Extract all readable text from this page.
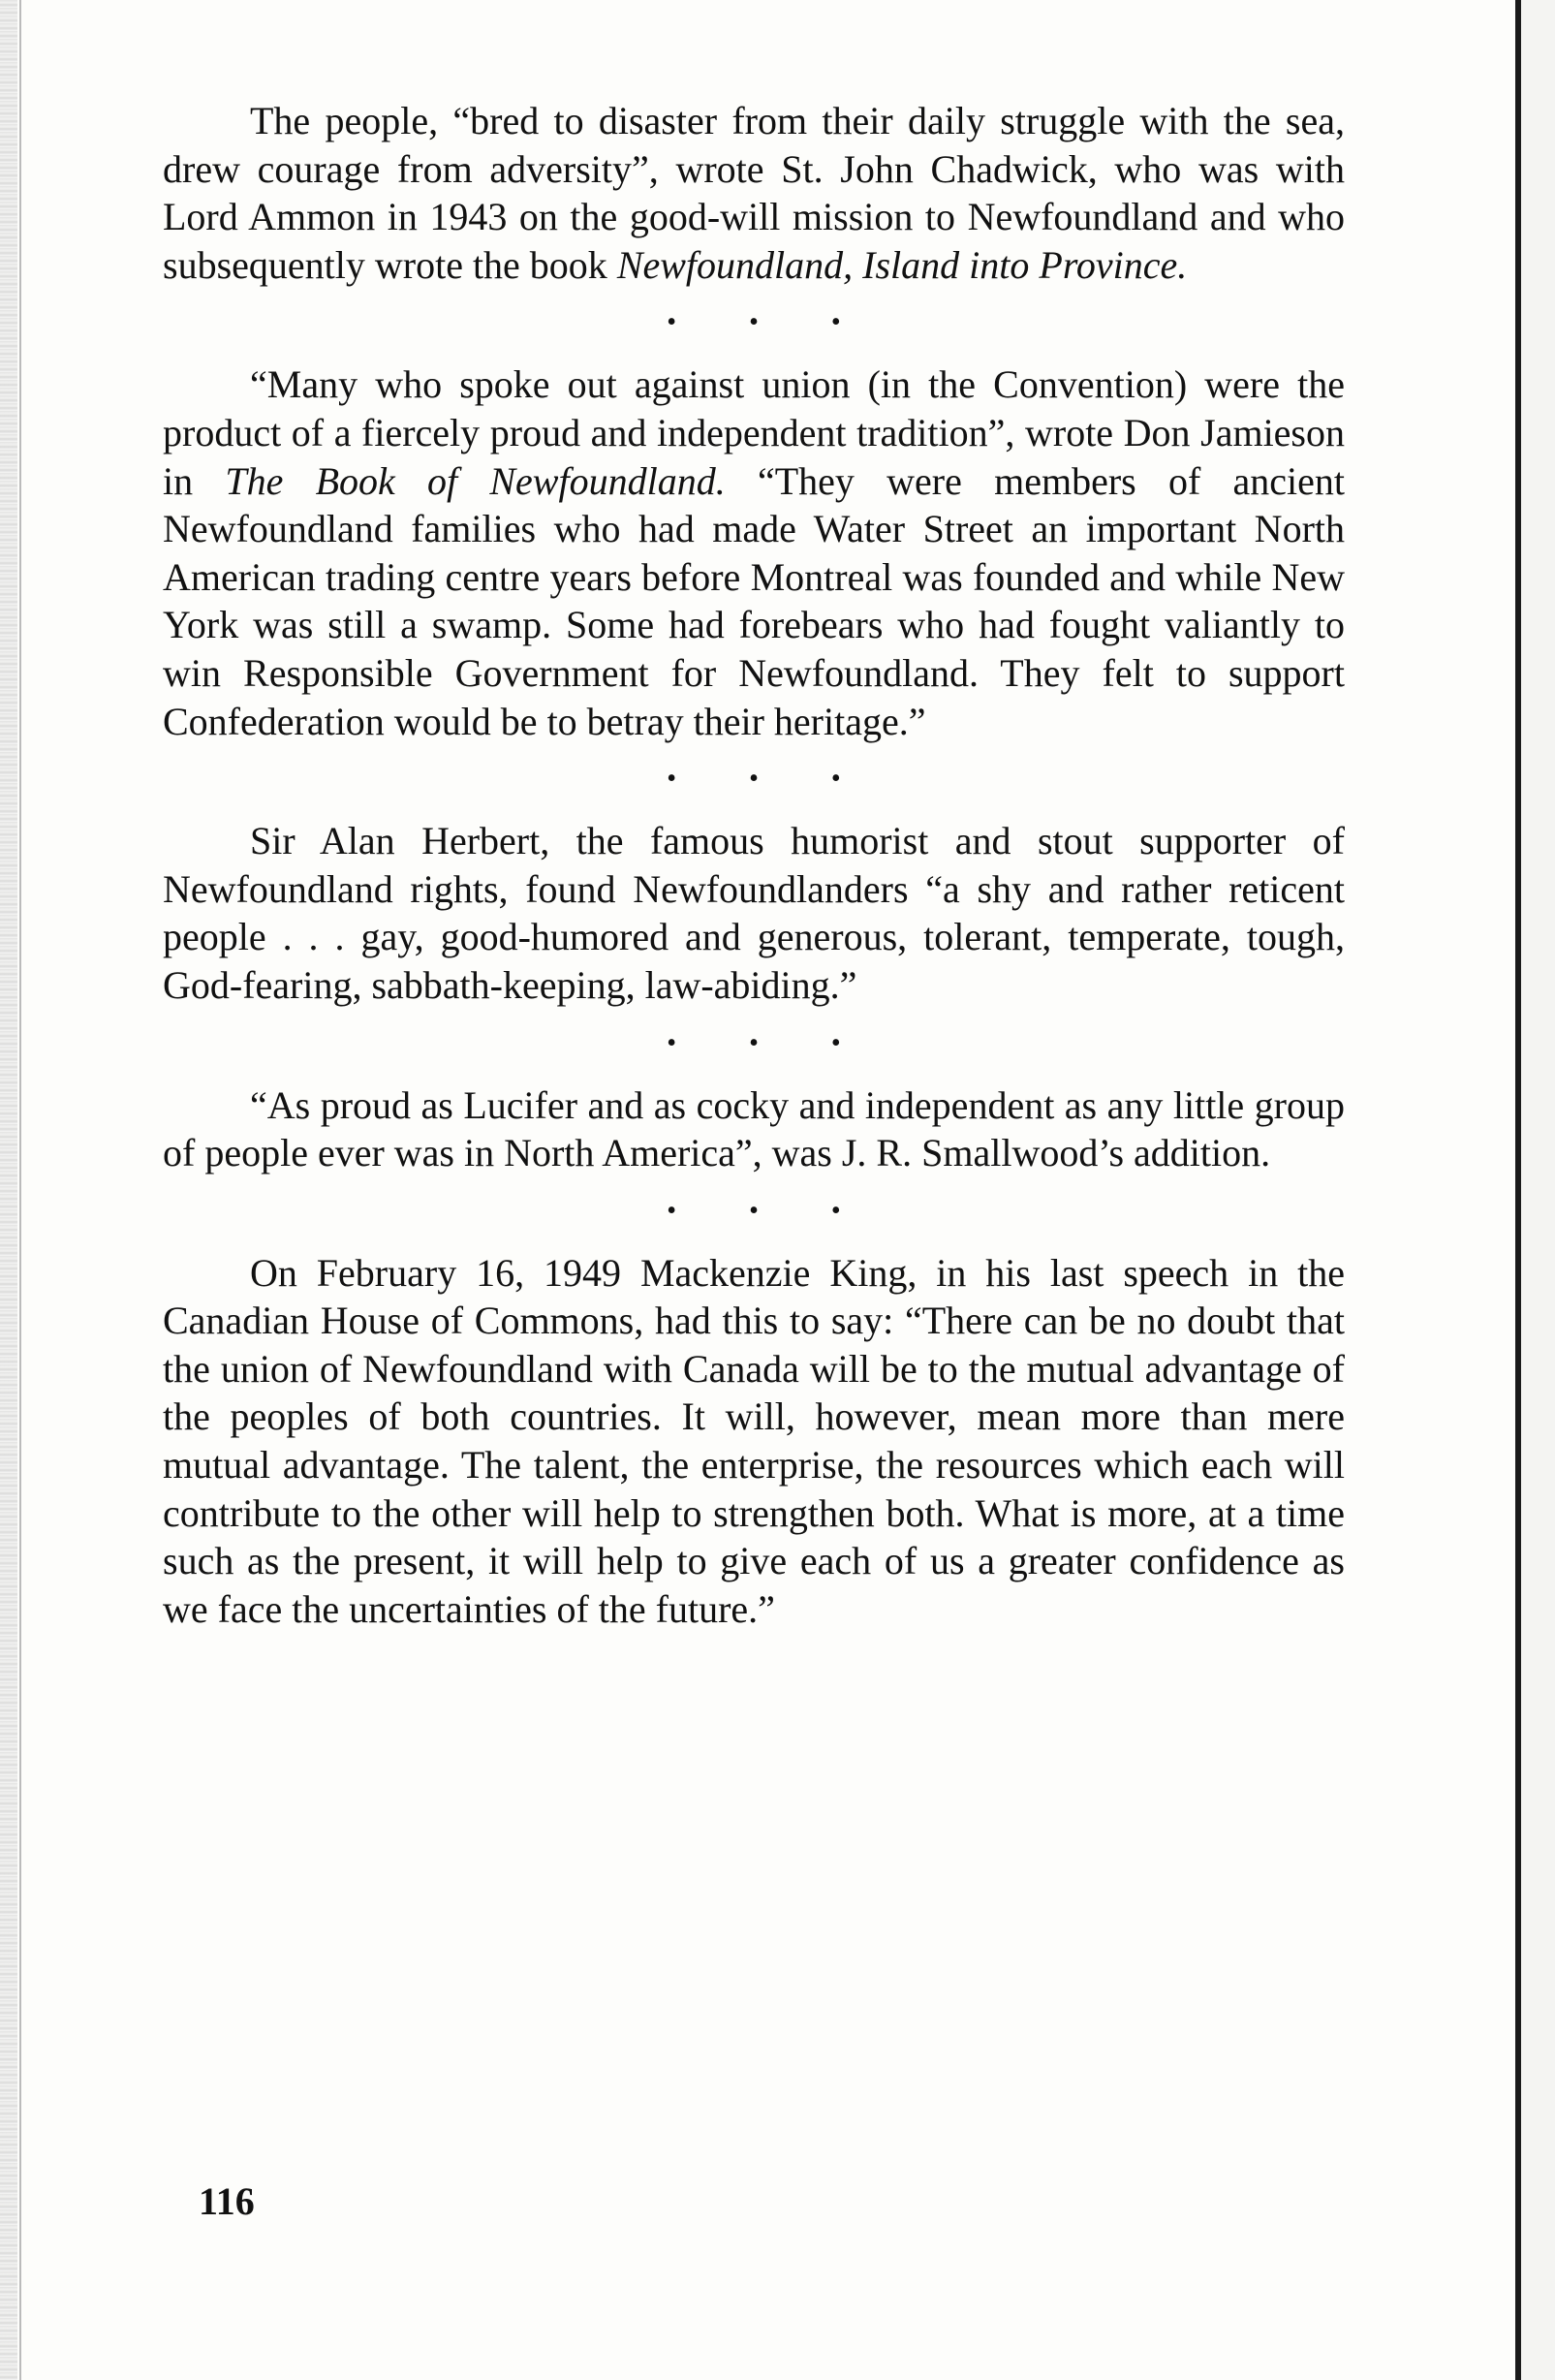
The people, “bred to disaster from their daily struggle with the sea, drew courage from adversity”, wrote St. John Chadwick, who was with Lord Ammon in 1943 on the good-will mission to Newfoundland and who subsequently wrote the book Newfoundland, Island into Province.

• • •

“Many who spoke out against union (in the Convention) were the product of a fiercely proud and independent tradition”, wrote Don Jamieson in The Book of Newfoundland. “They were members of ancient Newfoundland families who had made Water Street an important North American trading centre years before Montreal was founded and while New York was still a swamp. Some had forebears who had fought valiantly to win Responsible Government for Newfoundland. They felt to support Confederation would be to betray their heritage.”

• • •

Sir Alan Herbert, the famous humorist and stout supporter of Newfoundland rights, found Newfoundlanders “a shy and rather reticent people . . . gay, good-humored and generous, tolerant, temperate, tough, God-fearing, sabbath-keeping, law-abiding.”

• • •

“As proud as Lucifer and as cocky and independent as any little group of people ever was in North America”, was J. R. Smallwood’s addition.

• • •

On February 16, 1949 Mackenzie King, in his last speech in the Canadian House of Commons, had this to say: “There can be no doubt that the union of Newfoundland with Canada will be to the mutual advantage of the peoples of both countries. It will, however, mean more than mere mutual advantage. The talent, the enterprise, the resources which each will contribute to the other will help to strengthen both. What is more, at a time such as the present, it will help to give each of us a greater confidence as we face the uncertainties of the future.”

116
